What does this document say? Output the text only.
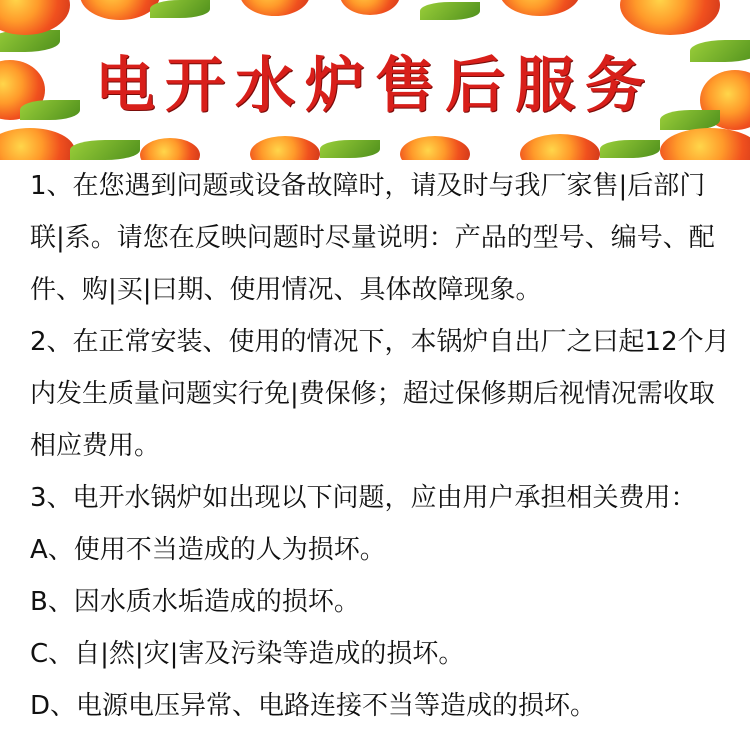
电开水炉售后服务

1、在您遇到问题或设备故障时，请及时与我厂家售|后部门联|系。请您在反映问题时尽量说明：产品的型号、编号、配件、购|买|曰期、使用情况、具体故障现象。

2、在正常安装、使用的情况下，本锅炉自出厂之曰起12个月内发生质量问题实行免|费保修；超过保修期后视情况需收取相应费用。

3、电开水锅炉如出现以下问题，应由用户承担相关费用：

A、使用不当造成的人为损坏。

B、因水质水垢造成的损坏。

C、自|然|灾|害及污染等造成的损坏。

D、电源电压异常、电路连接不当等造成的损坏。
